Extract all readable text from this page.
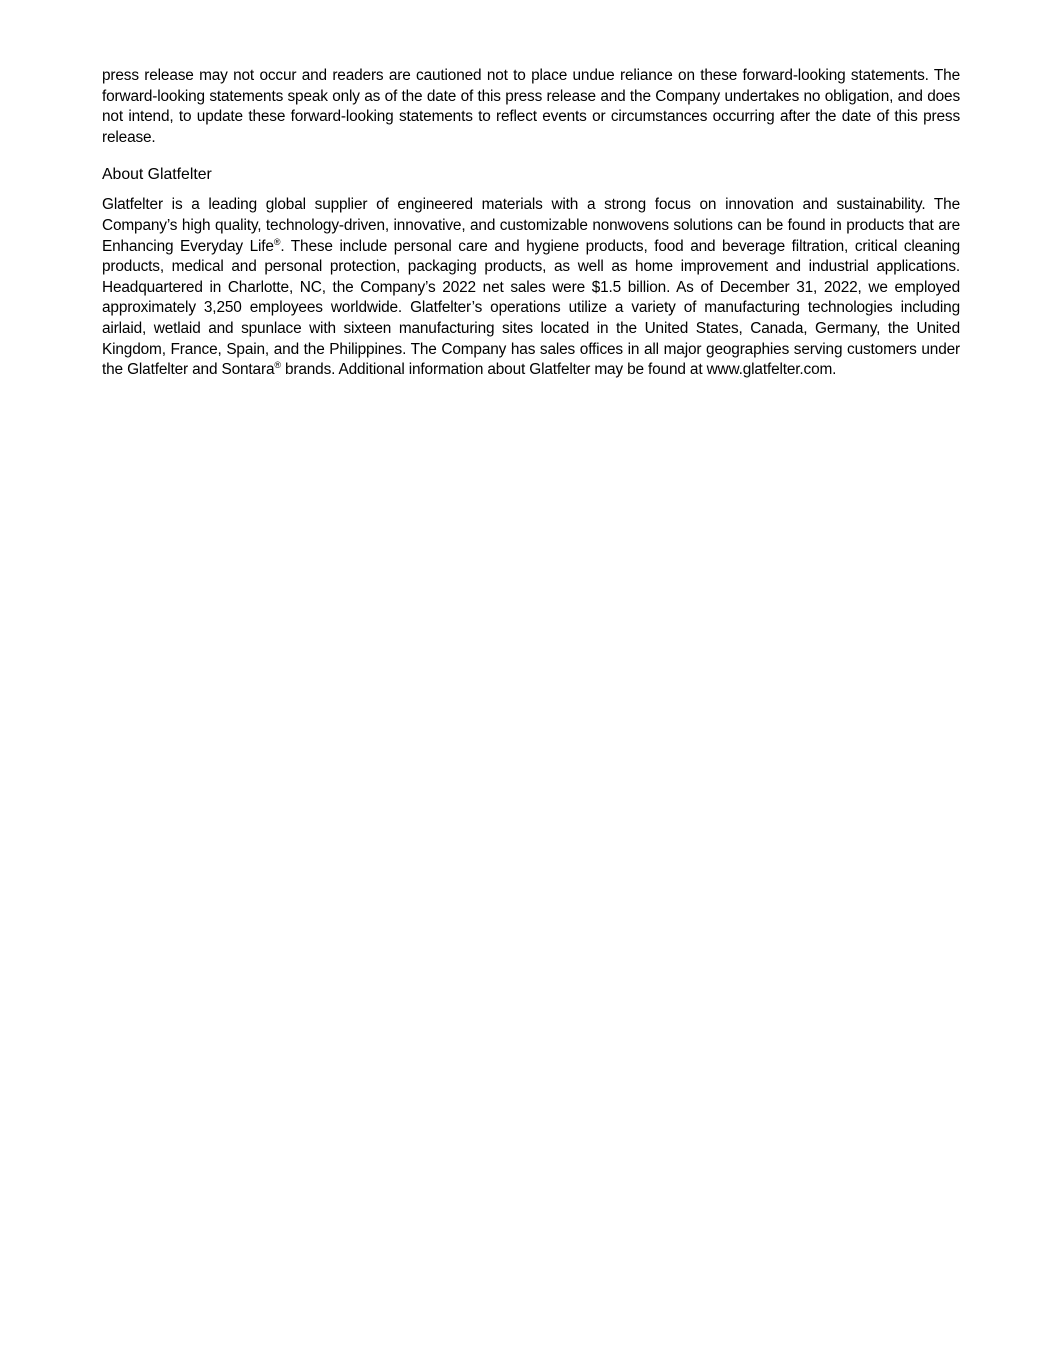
press release may not occur and readers are cautioned not to place undue reliance on these forward-looking statements. The forward-looking statements speak only as of the date of this press release and the Company undertakes no obligation, and does not intend, to update these forward-looking statements to reflect events or circumstances occurring after the date of this press release.

About Glatfelter

Glatfelter is a leading global supplier of engineered materials with a strong focus on innovation and sustainability. The Company’s high quality, technology-driven, innovative, and customizable nonwovens solutions can be found in products that are Enhancing Everyday Life®. These include personal care and hygiene products, food and beverage filtration, critical cleaning products, medical and personal protection, packaging products, as well as home improvement and industrial applications. Headquartered in Charlotte, NC, the Company’s 2022 net sales were $1.5 billion. As of December 31, 2022, we employed approximately 3,250 employees worldwide. Glatfelter’s operations utilize a variety of manufacturing technologies including airlaid, wetlaid and spunlace with sixteen manufacturing sites located in the United States, Canada, Germany, the United Kingdom, France, Spain, and the Philippines. The Company has sales offices in all major geographies serving customers under the Glatfelter and Sontara® brands. Additional information about Glatfelter may be found at www.glatfelter.com.
